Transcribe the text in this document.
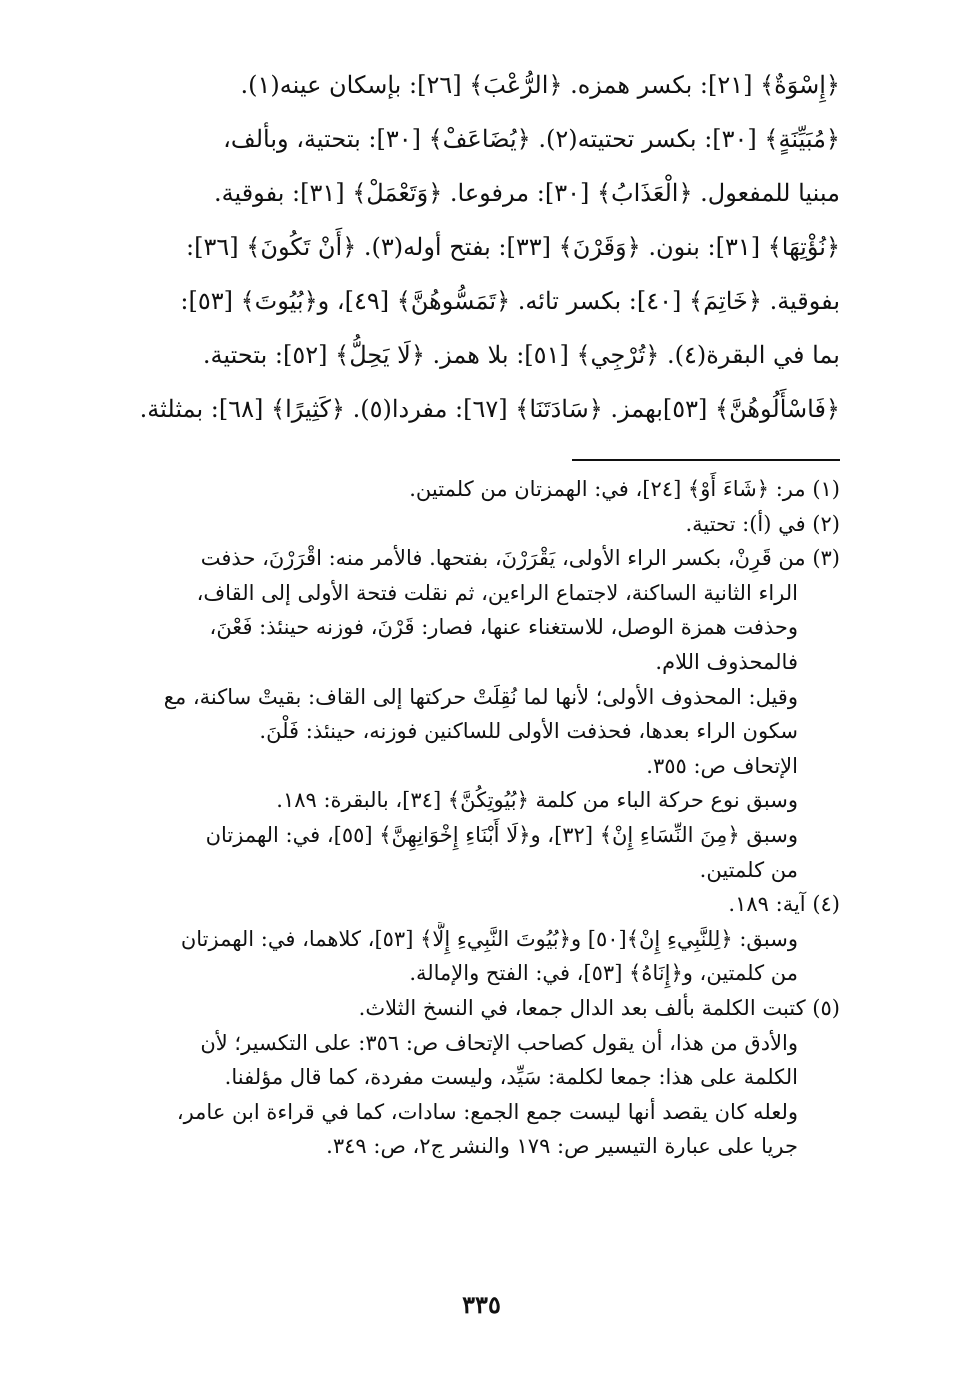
﴿إِسْوَةٌ﴾ [٢١]: بكسر همزه. ﴿الرُّعْبَ﴾ [٢٦]: بإسكان عينه(١).
﴿مُبَيِّنَةٍ﴾ [٣٠]: بكسر تحتيته(٢). ﴿يُضَاعَفْ﴾ [٣٠]: بتحتية، وبألف،
مبنيا للمفعول. ﴿الْعَذَابُ﴾ [٣٠]: مرفوعا. ﴿وَتَعْمَلْ﴾ [٣١]: بفوقية.
﴿نُؤْتِهَا﴾ [٣١]: بنون. ﴿وَقَرْنَ﴾ [٣٣]: بفتح أوله(٣). ﴿أَنْ تَكُونَ﴾ [٣٦]:
بفوقية. ﴿خَاتِمَ﴾ [٤٠]: بكسر تائه. ﴿تَمَسُّوهُنَّ﴾ [٤٩]، و﴿بُيُوتَ﴾ [٥٣]:
بما في البقرة(٤). ﴿تُرْجِي﴾ [٥١]: بلا همز. ﴿لَا يَحِلُّ﴾ [٥٢]: بتحتية.
﴿فَاسْأَلُوهُنَّ﴾ [٥٣]بهمز. ﴿سَادَتَنَا﴾ [٦٧]: مفردا(٥). ﴿كَثِيرًا﴾ [٦٨]: بمثلثة.
(١) مر: ﴿شَاءَ أَوْ﴾ [٢٤]، في: الهمزتان من كلمتين.
(٢) في (أ): تحتية.
(٣) من قَرِنْ، بكسر الراء الأولى، يَقْرَرْنَ، بفتحها. فالأمر منه: اقْرَرْنَ، حذفت
الراء الثانية الساكنة، لاجتماع الراءين، ثم نقلت فتحة الأولى إلى القاف،
وحذفت همزة الوصل، للاستغناء عنها، فصار: قَرْنَ، فوزنه حينئذ: فَعْنَ،
فالمحذوف اللام.
وقيل: المحذوف الأولى؛ لأنها لما نُقِلَتْ حركتها إلى القاف: بقيتْ ساكنة، مع
سكون الراء بعدها، فحذفت الأولى للساكنين فوزنه، حينئذ: فَلْنَ.
الإتحاف ص: ٣٥٥.
وسبق نوع حركة الباء من كلمة ﴿بُيُوتِكُنَّ﴾ [٣٤]، بالبقرة: ١٨٩.
وسبق ﴿مِنَ النِّسَاءِ إِنْ﴾ [٣٢]، و﴿لَا أَبْنَاءِ إِخْوَانِهِنَّ﴾ [٥٥]، في: الهمزتان
من كلمتين.
(٤) آية: ١٨٩.
وسبق: ﴿لِلنَّبِيءِ إِنْ﴾[٥٠] و﴿بُيُوتَ النَّبِيءِ إِلَّا﴾ [٥٣]، كلاهما، في: الهمزتان
من كلمتين، و﴿إِنَاهُ﴾ [٥٣]، في: الفتح والإمالة.
(٥) كتبت الكلمة بألف بعد الدال جمعا، في النسخ الثلاث.
والأدق من هذا، أن يقول كصاحب الإتحاف ص: ٣٥٦: على التكسير؛ لأن
الكلمة على هذا: جمعا لكلمة: سَيِّد، وليست مفردة، كما قال مؤلفنا.
ولعله كان يقصد أنها ليست جمع الجمع: سادات، كما في قراءة ابن عامر،
جريا على عبارة التيسير ص: ١٧٩ والنشر ج٢، ص: ٣٤٩.
٣٣٥
